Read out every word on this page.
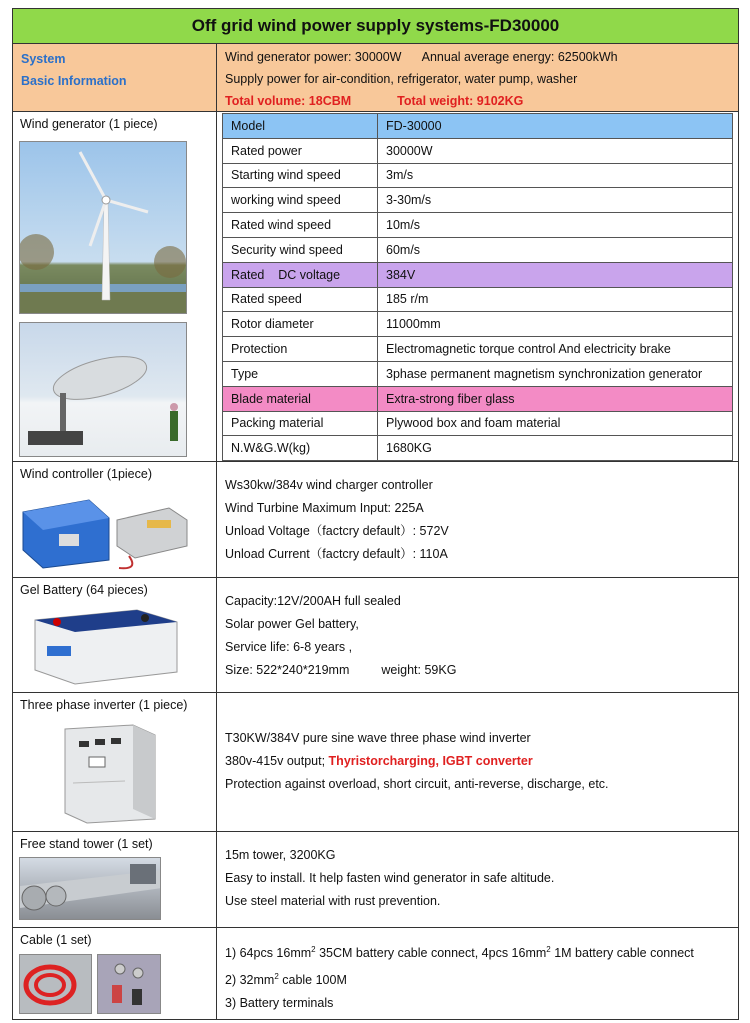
Off grid wind power supply systems-FD30000
System
Basic Information
Wind generator power: 30000W      Annual average energy: 62500kWh
Supply power for air-condition, refrigerator, water pump, washer
Total volume: 18CBM	Total weight: 9102KG
Wind generator (1 piece)	Model	FD-30000
Rated power	30000W
Starting wind speed	3m/s
working wind speed	3-30m/s
Rated wind speed	10m/s
Security wind speed	60m/s
Rated    DC voltage	384V
Rated speed	185 r/m
Rotor diameter	11000mm
Protection	Electromagnetic torque control And electricity brake
Type	3phase permanent magnetism synchronization generator
Blade material	Extra-strong fiber glass
Packing material	Plywood box and foam material
N.W&G.W(kg)	1680KG
Wind controller (1piece)
Ws30kw/384v wind charger controller
Wind Turbine Maximum Input: 225A
Unload Voltage（factcry default）: 572V
Unload Current（factcry default）: 110A
Gel Battery (64 pieces)
Capacity:12V/200AH full sealed
Solar power Gel battery,
Service life: 6-8 years ,
Size: 522*240*219mm	weight: 59KG
Three phase inverter (1 piece)
T30KW/384V pure sine wave three phase wind inverter
380v-415v output; Thyristorcharging, IGBT converter
Protection against overload, short circuit, anti-reverse, discharge, etc.
Free stand tower (1 set)
15m tower, 3200KG
Easy to install. It help fasten wind generator in safe altitude.
Use steel material with rust prevention.
Cable (1 set)
1) 64pcs $16mm^2$ 35CM battery cable connect, 4pcs $16mm^2$ 1M battery cable connect
2) $32mm^2$ cable 100M
3) Battery terminals
